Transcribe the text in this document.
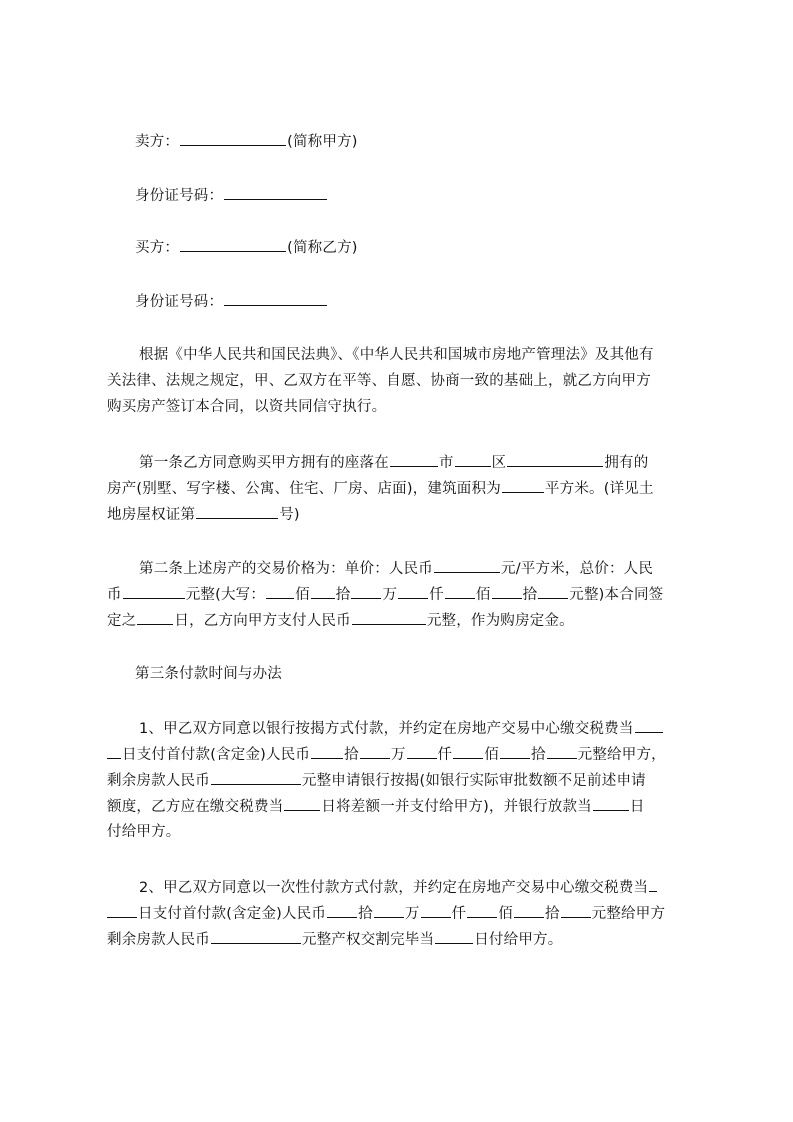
卖方：	(简称甲方)
身份证号码：
买方：	(简称乙方)
身份证号码：
根据《中华人民共和国民法典》、《中华人民共和国城市房地产管理法》及其他有
关法律、法规之规定，甲、乙双方在平等、自愿、协商一致的基础上，就乙方向甲方
购买房产签订本合同，以资共同信守执行。
第一条乙方同意购买甲方拥有的座落在	市	区	拥有的
房产(别墅、写字楼、公寓、住宅、厂房、店面)，建筑面积为	平方米。(详见土
地房屋权证第	号)
第二条上述房产的交易价格为：单价：人民币	元/平方米，总价：人民
币	元整(大写： 佰 拾 万 仟 佰 拾 元整)本合同签
定之	日，乙方向甲方支付人民币	元整，作为购房定金。
第三条付款时间与办法
1、甲乙双方同意以银行按揭方式付款，并约定在房地产交易中心缴交税费当
日支付首付款(含定金)人民币 拾 万 仟 佰 拾 元整给甲方，
剩余房款人民币	元整申请银行按揭(如银行实际审批数额不足前述申请
额度，乙方应在缴交税费当	日将差额一并支付给甲方)，并银行放款当	日
付给甲方。
2、甲乙双方同意以一次性付款方式付款，并约定在房地产交易中心缴交税费当
日支付首付款(含定金)人民币 拾 万 仟 佰 拾 元整给甲方
剩余房款人民币	元整产权交割完毕当	日付给甲方。
